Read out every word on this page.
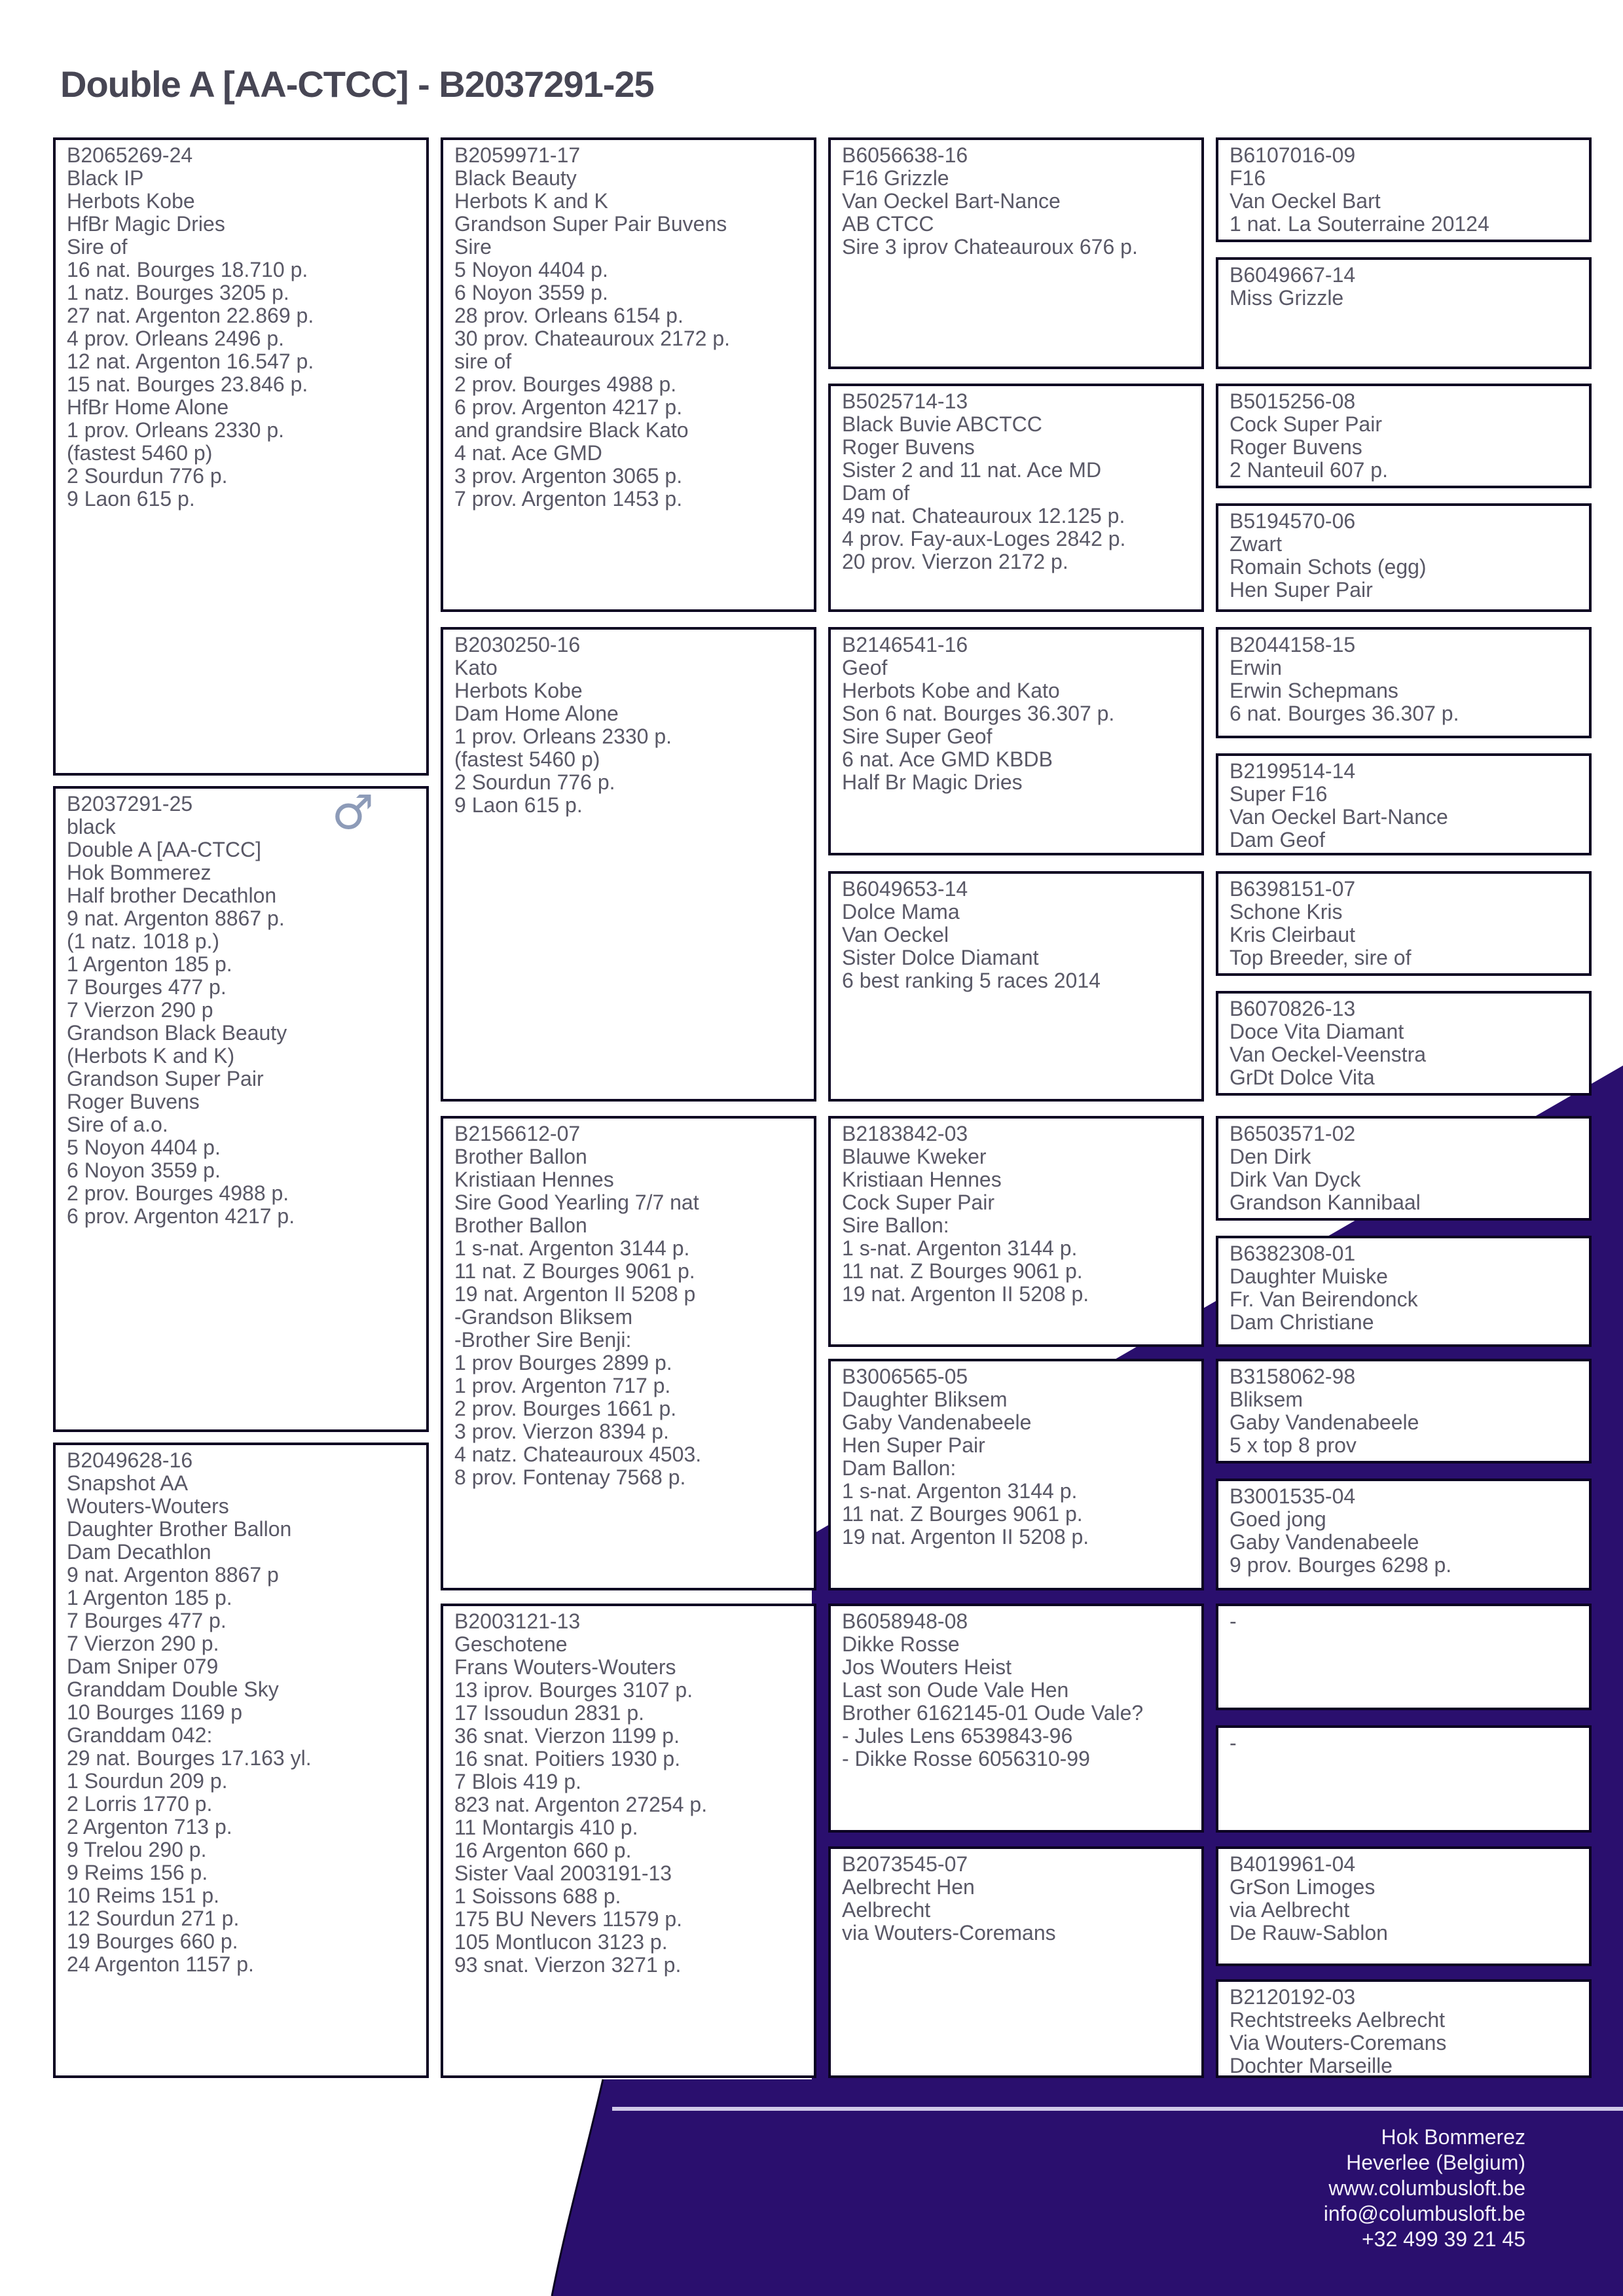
Double A [AA-CTCC] - B2037291-25
B2065269-24
Black IP
Herbots Kobe
HfBr Magic Dries
Sire of
16 nat. Bourges 18.710 p.
1 natz. Bourges 3205 p.
27 nat. Argenton 22.869 p.
4 prov. Orleans 2496 p.
12 nat. Argenton 16.547 p.
15 nat. Bourges 23.846 p.
HfBr Home Alone
1 prov. Orleans 2330 p.
(fastest 5460 p)
2 Sourdun 776 p.
9 Laon 615 p.
♂
B2037291-25
black
Double A [AA-CTCC]
Hok Bommerez
Half brother Decathlon
9 nat. Argenton 8867 p.
(1 natz. 1018 p.)
1 Argenton 185 p.
7 Bourges 477 p.
7 Vierzon 290 p
Grandson Black Beauty
(Herbots K and K)
Grandson Super Pair
Roger Buvens
Sire of a.o.
5 Noyon 4404 p.
6 Noyon 3559 p.
2 prov. Bourges 4988 p.
6 prov. Argenton 4217 p.
B2049628-16
Snapshot AA
Wouters-Wouters
Daughter Brother Ballon
Dam Decathlon
9 nat. Argenton 8867 p
1 Argenton 185 p.
7 Bourges 477 p.
7 Vierzon 290 p.
Dam Sniper 079
Granddam Double Sky
10 Bourges 1169 p
Granddam 042:
29 nat. Bourges 17.163 yl.
1 Sourdun 209 p.
2 Lorris 1770 p.
2 Argenton 713 p.
9 Trelou 290 p.
9 Reims 156 p.
10 Reims 151 p.
12 Sourdun 271 p.
19 Bourges 660 p.
24 Argenton 1157 p.
B2059971-17
Black Beauty
Herbots K and K
Grandson Super Pair Buvens
Sire
5 Noyon 4404 p.
6 Noyon 3559 p.
28 prov. Orleans 6154 p.
30 prov. Chateauroux 2172 p.
sire of
2 prov. Bourges 4988 p.
6 prov. Argenton 4217 p.
and grandsire Black Kato
4 nat. Ace GMD
3 prov. Argenton 3065 p.
7 prov. Argenton 1453 p.
B2030250-16
Kato
Herbots Kobe
Dam Home Alone
1 prov. Orleans 2330 p.
(fastest 5460 p)
2 Sourdun 776 p.
9 Laon 615 p.
B2156612-07
Brother Ballon
Kristiaan Hennes
Sire Good Yearling 7/7 nat
Brother Ballon
1 s-nat. Argenton 3144 p.
11 nat. Z Bourges 9061 p.
19 nat. Argenton II 5208 p
-Grandson Bliksem
-Brother Sire Benji:
1 prov Bourges 2899 p.
1 prov. Argenton 717 p.
2 prov. Bourges 1661 p.
3 prov. Vierzon 8394 p.
4 natz. Chateauroux 4503.
8 prov. Fontenay 7568 p.
B2003121-13
Geschotene
Frans Wouters-Wouters
13 iprov. Bourges 3107 p.
17 Issoudun 2831 p.
36 snat. Vierzon 1199 p.
16 snat. Poitiers 1930 p.
7 Blois 419 p.
823 nat. Argenton 27254 p.
11 Montargis 410 p.
16 Argenton 660 p.
Sister Vaal 2003191-13
1 Soissons 688 p.
175 BU Nevers 11579 p.
105 Montlucon 3123 p.
93 snat. Vierzon 3271 p.
B6056638-16
F16 Grizzle
Van Oeckel Bart-Nance
AB CTCC
Sire 3 iprov Chateauroux 676 p.
B5025714-13
Black Buvie ABCTCC
Roger Buvens
Sister 2 and 11 nat. Ace MD
Dam of
49 nat. Chateauroux 12.125 p.
4 prov. Fay-aux-Loges 2842 p.
20 prov. Vierzon 2172 p.
B2146541-16
Geof
Herbots Kobe and Kato
Son 6 nat. Bourges 36.307 p.
Sire Super Geof
6 nat. Ace GMD KBDB
Half Br Magic Dries
B6049653-14
Dolce Mama
Van Oeckel
Sister Dolce Diamant
6 best ranking 5 races 2014
B2183842-03
Blauwe Kweker
Kristiaan Hennes
Cock Super Pair
Sire Ballon:
1 s-nat. Argenton 3144 p.
11 nat. Z Bourges 9061 p.
19 nat. Argenton II 5208 p.
B3006565-05
Daughter Bliksem
Gaby Vandenabeele
Hen Super Pair
Dam Ballon:
1 s-nat. Argenton 3144 p.
11 nat. Z Bourges 9061 p.
19 nat. Argenton II 5208 p.
B6058948-08
Dikke Rosse
Jos Wouters Heist
Last son Oude Vale Hen
Brother 6162145-01 Oude Vale?
- Jules Lens 6539843-96
- Dikke Rosse 6056310-99
B2073545-07
Aelbrecht Hen
Aelbrecht
via Wouters-Coremans
B6107016-09
F16
Van Oeckel Bart
1 nat. La Souterraine 20124
B6049667-14
Miss Grizzle
B5015256-08
Cock Super Pair
Roger Buvens
2 Nanteuil 607 p.
B5194570-06
Zwart
Romain Schots (egg)
Hen Super Pair
B2044158-15
Erwin
Erwin Schepmans
6 nat. Bourges 36.307 p.
B2199514-14
Super F16
Van Oeckel Bart-Nance
Dam Geof
B6398151-07
Schone Kris
Kris Cleirbaut
Top Breeder, sire of
B6070826-13
Doce Vita Diamant
Van Oeckel-Veenstra
GrDt Dolce Vita
B6503571-02
Den Dirk
Dirk Van Dyck
Grandson Kannibaal
B6382308-01
Daughter Muiske
Fr. Van Beirendonck
Dam Christiane
B3158062-98
Bliksem
Gaby Vandenabeele
5 x top 8 prov
B3001535-04
Goed jong
Gaby Vandenabeele
9 prov. Bourges 6298 p.
-
-
B4019961-04
GrSon Limoges
via Aelbrecht
De Rauw-Sablon
B2120192-03
Rechtstreeks Aelbrecht
Via Wouters-Coremans
Dochter Marseille
Hok Bommerez
Heverlee (Belgium)
www.columbusloft.be
info@columbusloft.be
+32 499 39 21 45
